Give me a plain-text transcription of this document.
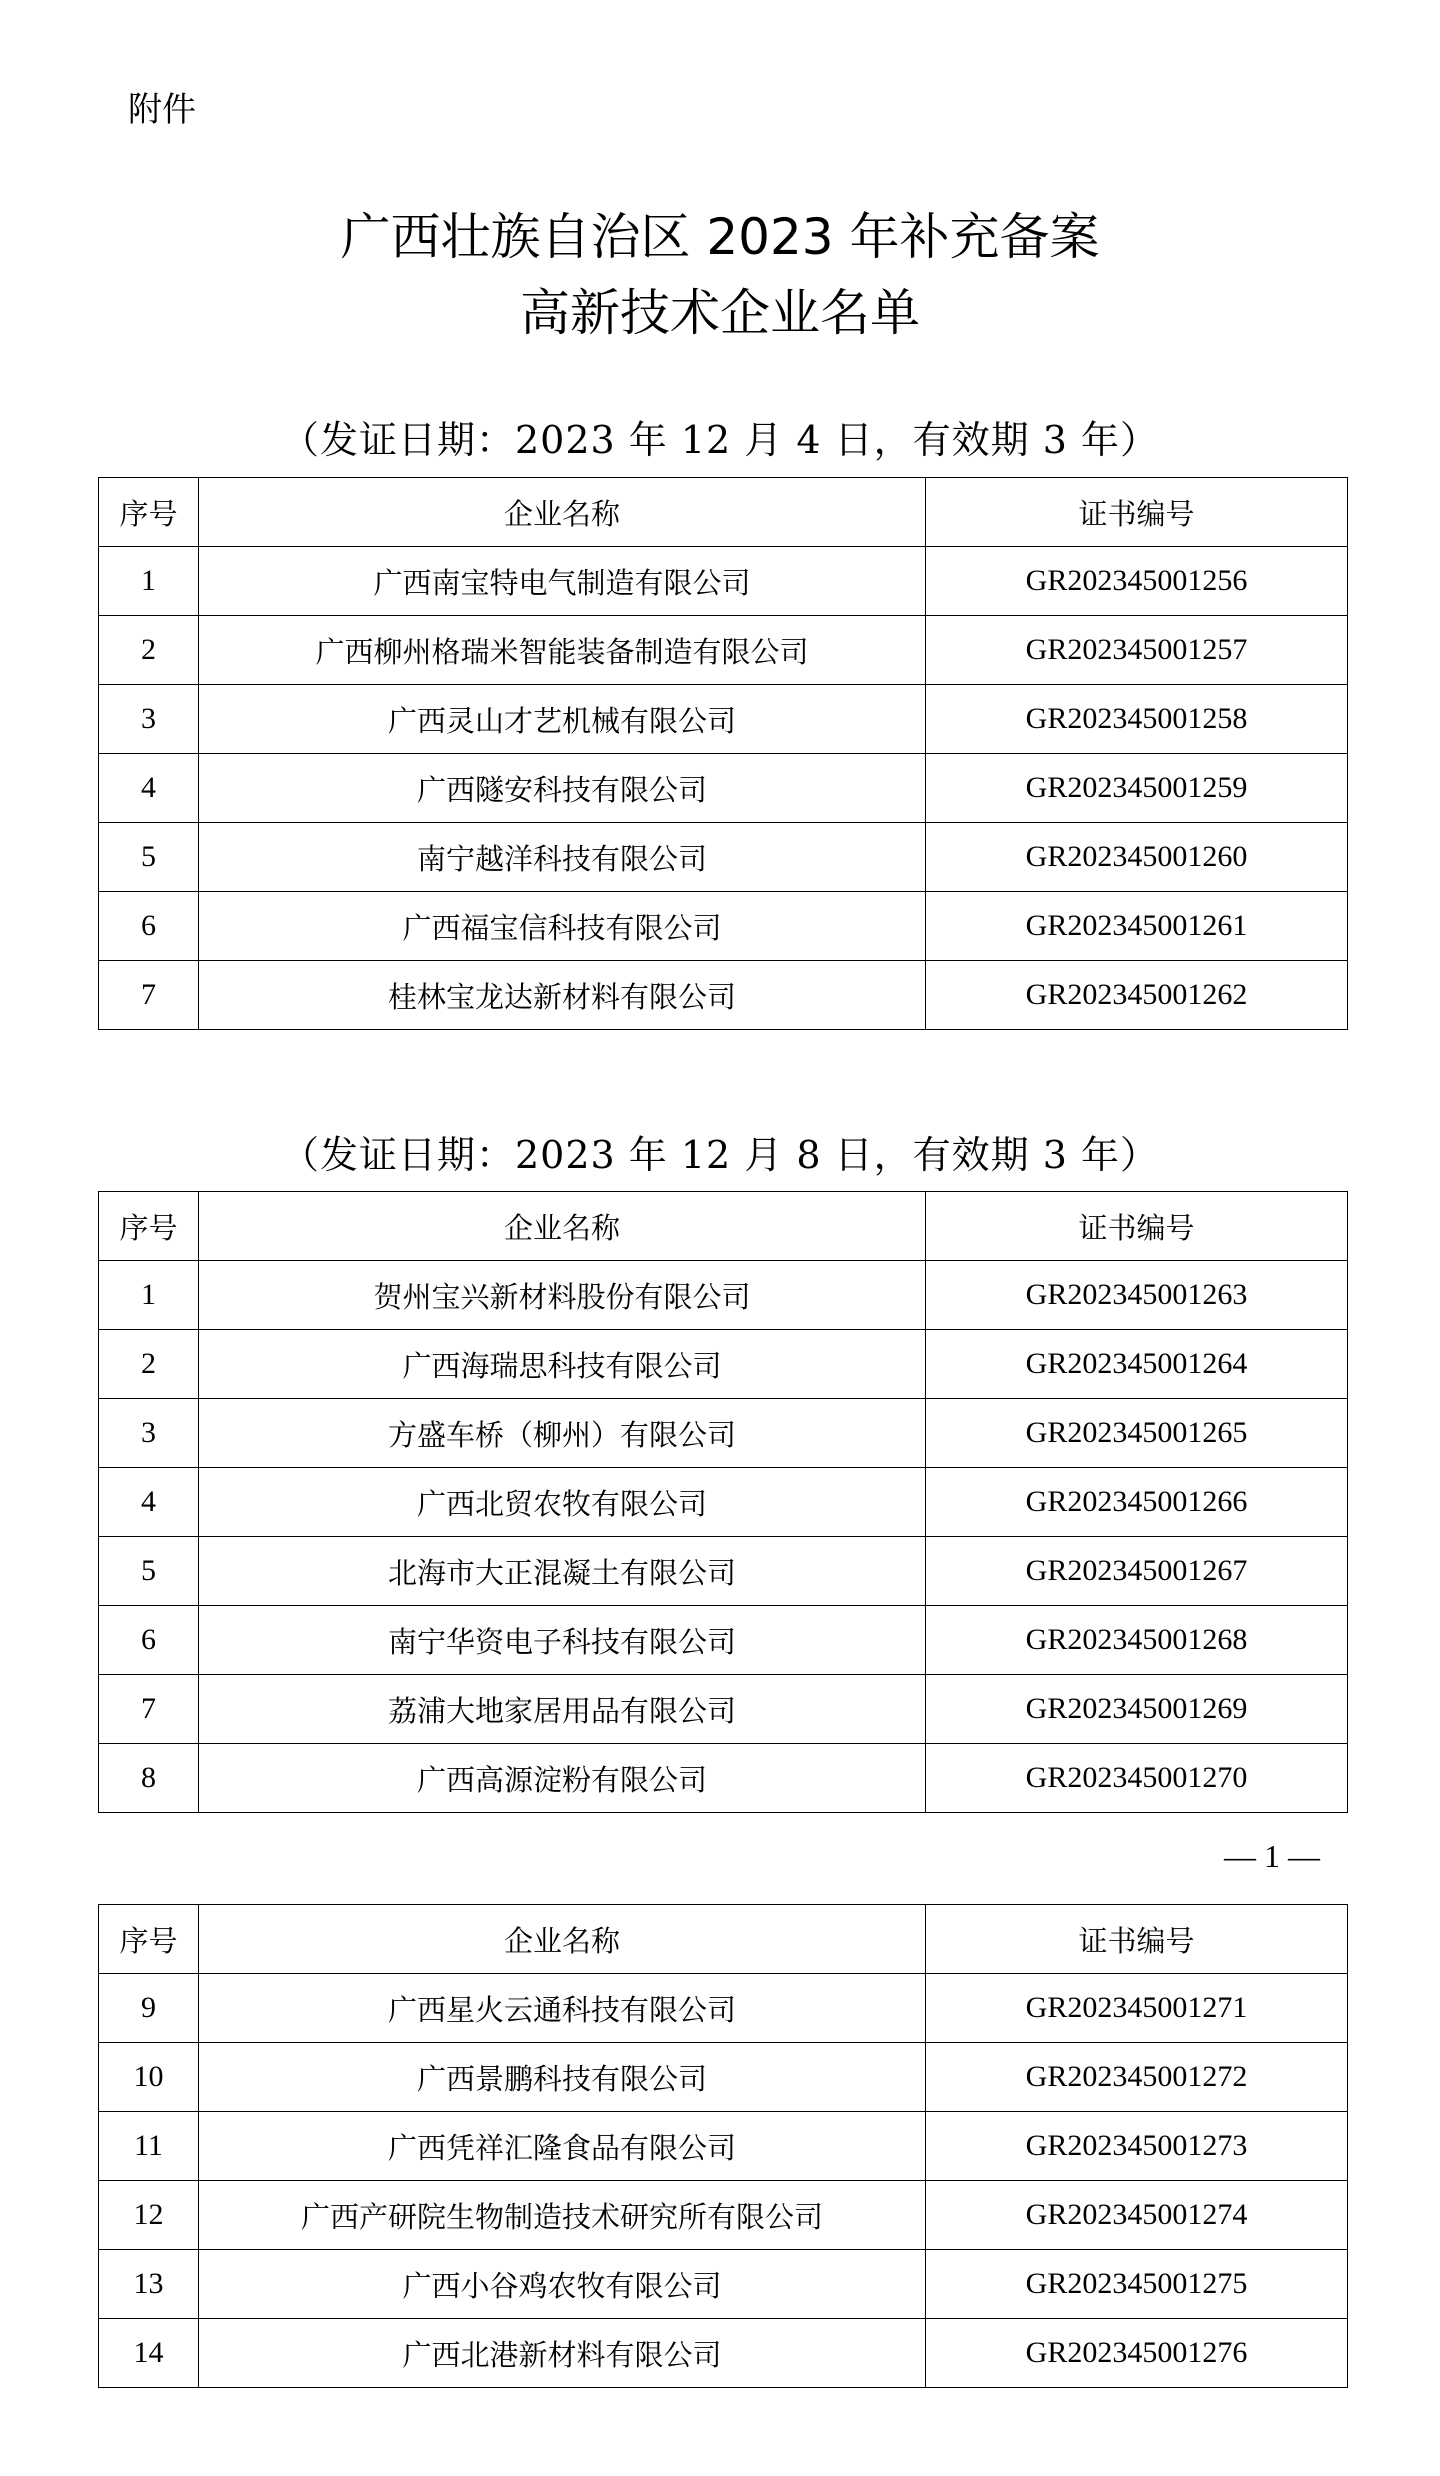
附件
广西壮族自治区 2023 年补充备案
高新技术企业名单
（发证日期：2023 年 12 月 4 日，有效期 3 年）
序号	企业名称	证书编号
1	广西南宝特电气制造有限公司	GR202345001256
2	广西柳州格瑞米智能装备制造有限公司	GR202345001257
3	广西灵山才艺机械有限公司	GR202345001258
4	广西隧安科技有限公司	GR202345001259
5	南宁越洋科技有限公司	GR202345001260
6	广西福宝信科技有限公司	GR202345001261
7	桂林宝龙达新材料有限公司	GR202345001262
（发证日期：2023 年 12 月 8 日，有效期 3 年）
序号	企业名称	证书编号
1	贺州宝兴新材料股份有限公司	GR202345001263
2	广西海瑞思科技有限公司	GR202345001264
3	方盛车桥（柳州）有限公司	GR202345001265
4	广西北贸农牧有限公司	GR202345001266
5	北海市大正混凝土有限公司	GR202345001267
6	南宁华资电子科技有限公司	GR202345001268
7	荔浦大地家居用品有限公司	GR202345001269
8	广西高源淀粉有限公司	GR202345001270
— 1 —
序号	企业名称	证书编号
9	广西星火云通科技有限公司	GR202345001271
10	广西景鹏科技有限公司	GR202345001272
11	广西凭祥汇隆食品有限公司	GR202345001273
12	广西产研院生物制造技术研究所有限公司	GR202345001274
13	广西小谷鸡农牧有限公司	GR202345001275
14	广西北港新材料有限公司	GR202345001276
